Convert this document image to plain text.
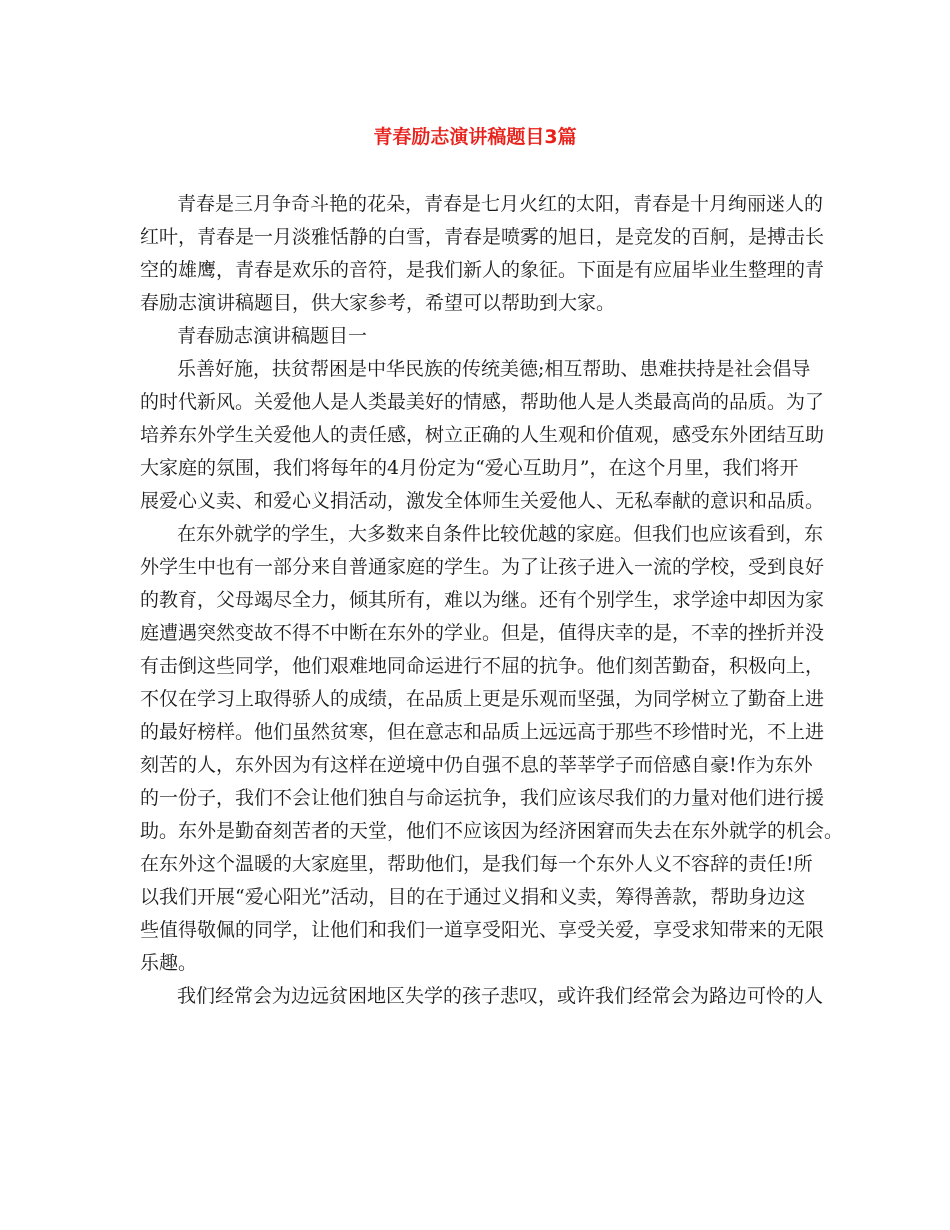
青春励志演讲稿题目3篇
青春是三月争奇斗艳的花朵，青春是七月火红的太阳，青春是十月绚丽迷人的
红叶，青春是一月淡雅恬静的白雪，青春是喷雾的旭日，是竞发的百舸，是搏击长
空的雄鹰，青春是欢乐的音符，是我们新人的象征。下面是有应届毕业生整理的青
春励志演讲稿题目，供大家参考，希望可以帮助到大家。
青春励志演讲稿题目一
乐善好施，扶贫帮困是中华民族的传统美德;相互帮助、患难扶持是社会倡导
的时代新风。关爱他人是人类最美好的情感，帮助他人是人类最高尚的品质。为了
培养东外学生关爱他人的责任感，树立正确的人生观和价值观，感受东外团结互助
大家庭的氛围，我们将每年的4月份定为“爱心互助月”，在这个月里，我们将开
展爱心义卖、和爱心义捐活动，激发全体师生关爱他人、无私奉献的意识和品质。
在东外就学的学生，大多数来自条件比较优越的家庭。但我们也应该看到，东
外学生中也有一部分来自普通家庭的学生。为了让孩子进入一流的学校，受到良好
的教育，父母竭尽全力，倾其所有，难以为继。还有个别学生，求学途中却因为家
庭遭遇突然变故不得不中断在东外的学业。但是，值得庆幸的是，不幸的挫折并没
有击倒这些同学，他们艰难地同命运进行不屈的抗争。他们刻苦勤奋，积极向上，
不仅在学习上取得骄人的成绩，在品质上更是乐观而坚强，为同学树立了勤奋上进
的最好榜样。他们虽然贫寒，但在意志和品质上远远高于那些不珍惜时光，不上进
刻苦的人，东外因为有这样在逆境中仍自强不息的莘莘学子而倍感自豪!作为东外
的一份子，我们不会让他们独自与命运抗争，我们应该尽我们的力量对他们进行援
助。东外是勤奋刻苦者的天堂，他们不应该因为经济困窘而失去在东外就学的机会。
在东外这个温暖的大家庭里，帮助他们，是我们每一个东外人义不容辞的责任!所
以我们开展“爱心阳光”活动，目的在于通过义捐和义卖，筹得善款，帮助身边这
些值得敬佩的同学，让他们和我们一道享受阳光、享受关爱，享受求知带来的无限
乐趣。
我们经常会为边远贫困地区失学的孩子悲叹，或许我们经常会为路边可怜的人
